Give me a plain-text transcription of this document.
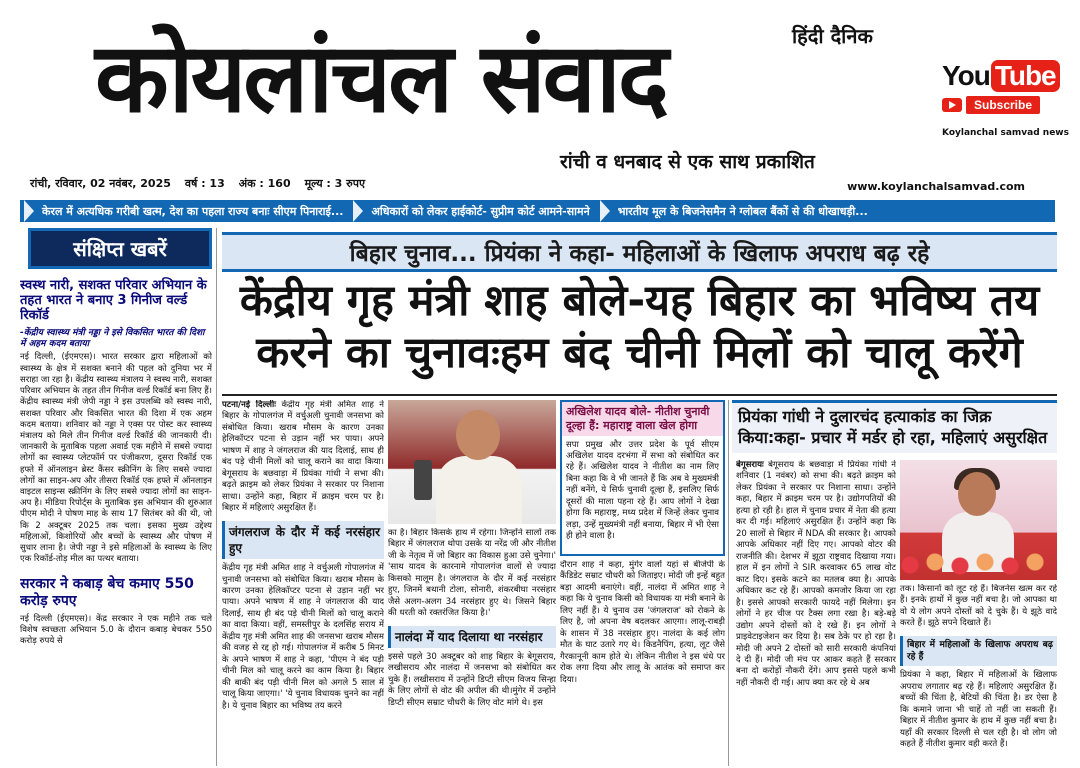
हिंदी दैनिक
कोयलांचल संवाद
रांची व धनबाद से एक साथ प्रकाशित
You Tube
Subscribe
Koylanchal samvad news
रांची, रविवार, 02 नवंबर, 2025 वर्ष : 13 अंक : 160 मूल्य : 3 रुपए	www.koylanchalsamvad.com
केरल में अत्यधिक गरीबी खत्म, देश का पहला राज्य बनाः सीएम पिनाराई...	अधिकारों को लेकर हाईकोर्ट- सुप्रीम कोर्ट आमने-सामने	भारतीय मूल के बिजनेसमैन ने ग्लोबल बैंकों से की धोखाधड़ी...
संक्षिप्त खबरें
स्वस्थ नारी, सशक्त परिवार अभियान के तहत भारत ने बनाए 3 गिनीज वर्ल्ड रिकॉर्ड
-केंद्रीय स्वास्थ्य मंत्री नड्डा ने इसे विकसित भारत की दिशा में अहम कदम बताया
नई दिल्ली, (ईएमएस)। भारत सरकार द्वारा महिलाओं को स्वास्थ्य के क्षेत्र में सशक्त बनाने की पहल को दुनिया भर में सराहा जा रहा है। केंद्रीय स्वास्थ्य मंत्रालय ने स्वस्थ नारी, सशक्त परिवार अभियान के तहत तीन गिनीज वर्ल्ड रिकॉर्ड बना लिए हैं। केंद्रीय स्वास्थ्य मंत्री जेपी नड्डा ने इस उपलब्धि को स्वस्थ नारी, सशक्त परिवार और विकसित भारत की दिशा में एक अहम कदम बताया। शनिवार को नड्डा ने एक्स पर पोस्ट कर स्वास्थ्य मंत्रालय को मिले तीन गिनीज वर्ल्ड रिकॉर्ड की जानकारी दी। जानकारी के मुताबिक पहला अवार्ड एक महीने में सबसे ज्यादा लोगों का स्वास्थ्य प्लेटफॉर्म पर पंजीकरण, दूसरा रिकॉर्ड एक हफ्ते में ऑनलाइन ब्रेस्ट कैंसर स्क्रीनिंग के लिए सबसे ज्यादा लोगों का साइन-अप और तीसरा रिकॉर्ड एक हफ्ते में ऑनलाइन वाइटल साइन्स स्क्रीनिंग के लिए सबसे ज्यादा लोगों का साइन-अप है। मीडिया रिपोर्ट्स के मुताबिक इस अभियान की शुरुआत पीएम मोदी ने पोषण माह के साथ 17 सितंबर को की थी, जो कि 2 अक्टूबर 2025 तक चला। इसका मुख्य उद्देश्य महिलाओं, किशोरियों और बच्चों के स्वास्थ्य और पोषण में सुधार लाना है। जेपी नड्डा ने इसे महिलाओं के स्वास्थ्य के लिए एक रिकॉर्ड-तोड़ मील का पत्थर बताया।
सरकार ने कबाड़ बेच कमाए 550 करोड़ रुपए
नई दिल्ली (ईएमएस)। केंद्र सरकार ने एक महीने तक चले विशेष स्वच्छता अभियान 5.0 के दौरान कबाड़ बेचकर 550 करोड़ रुपये से
बिहार चुनाव... प्रियंका ने कहा- महिलाओं के खिलाफ अपराध बढ़ रहे
केंद्रीय गृह मंत्री शाह बोले-यह बिहार का भविष्य तय करने का चुनावःहम बंद चीनी मिलों को चालू करेंगे
पटना/नई दिल्लीः केंद्रीय गृह मंत्री अमित शाह ने बिहार के गोपालगंज में वर्चुअली चुनावी जनसभा को संबोधित किया। खराब मौसम के कारण उनका हेलिकॉप्टर पटना से उड़ान नहीं भर पाया। अपने भाषण में शाह ने जंगलराज की याद दिलाई, साथ ही बंद पड़े चीनी मिलों को चालू कराने का वादा किया। बेगूसराय के बछवाड़ा में प्रियंका गांधी ने सभा की। बढ़ते क्राइम को लेकर प्रियंका ने सरकार पर निशाना साधा। उन्होंने कहा, बिहार में क्राइम चरम पर है।बिहार में महिलाएं असुरक्षित हैं।
जंगलराज के दौर में कई नरसंहार हुए
केंद्रीय गृह मंत्री अमित शाह ने वर्चुअली गोपालगंज में चुनावी जनसभा को संबोधित किया। खराब मौसम के कारण उनका हेलिकॉप्टर पटना से उड़ान नहीं भर पाया। अपने भाषण में शाह ने जंगलराज की याद दिलाई, साथ ही बंद पड़े चीनी मिलों को चालू कराने का वादा किया। वहीं, समस्तीपुर के दलसिंह सराय में केंद्रीय गृह मंत्री अमित शाह की जनसभा खराब मौसम की वजह से रद्द हो गई। गोपालगंज में करीब 5 मिनट के अपने भाषण में शाह ने कहा, 'पीएम ने बंद पड़ी चीनी मिल को चालू करने का काम किया है। बिहार की बाकी बंद पड़ी चीनी मिल को अगले 5 साल में चालू किया जाएगा।' 'ये चुनाव विधायक चुनने का नहीं है। ये चुनाव बिहार का भविष्य तय करने
का है। बिहार किसके हाथ में रहेगा। जिन्होंने सालों तक बिहार में जंगलराज थोपा उसके या नरेंद्र जी और नीतीश जी के नेतृत्व में जो बिहार का विकास हुआ उसे चुनेगा।' 'साथ यादव के कारनामे गोपालगंज वालों से ज्यादा किसको मालूम है। जंगलराज के दौर में कई नरसंहार हुए, जिनमें बथानी टोला, सोनारी, शंकरबीघा नरसंहार जैसे अलग-अलग 34 नरसंहार हुए थे। जिसने बिहार की धरती को रक्तरंजित किया है।'
नालंदा में याद दिलाया था नरसंहार
इससे पहले 30 अक्टूबर को शाह बिहार के बेगूसराय, लखीसराय और नालंदा में जनसभा को संबोधित कर चुके हैं। लखीसराय में उन्होंने डिप्टी सीएम विजय सिन्हा के लिए लोगों से वोट की अपील की थी।मुंगेर में उन्होंने डिप्टी सीएम सम्राट चौधरी के लिए वोट मांगे थे। इस
अखिलेश यादव बोले- नीतीश चुनावी दूल्हा हैं: महाराष्ट्र वाला खेल होगा
सपा प्रमुख और उत्तर प्रदेश के पूर्व सीएम अखिलेश यादव दरभंगा में सभा को संबोधित कर रहे हैं। अखिलेश यादव ने नीतीश का नाम लिए बिना कहा कि वे भी जानते हैं कि अब वे मुख्यमंत्री नहीं बनेंगे, ये सिर्फ चुनावी दूल्हा हैं, इसलिए सिर्फ दूसरों की माला पहना रहे हैं। आप लोगों ने देखा होगा कि महाराष्ट्र, मध्य प्रदेश में जिन्हें लेकर चुनाव लड़ा, उन्हें मुख्यमंत्री नहीं बनाया, बिहार में भी ऐसा ही होने वाला है।
दौरान शाह ने कहा, मुंगेर वालों यहां से बीजेपी के कैंडिडेट सम्राट चौधरी को जिताइए। मोदी जी इन्हें बहुत बड़ा आदमी बनाएंगे। वहीं, नालंदा में अमित शाह ने कहा कि ये चुनाव किसी को विधायक या मंत्री बनाने के लिए नहीं हैं। ये चुनाव उस 'जंगलराज' को रोकने के लिए है, जो अपना वेष बदलकर आएगा। लालू-राबड़ी के शासन में 38 नरसंहार हुए। नालंदा के कई लोग मौत के घाट उतारे गए थे। किडनैपिंग, हत्या, लूट जैसे गैरकानूनी काम होते थे। लेकिन नीतीश ने इस धंधे पर रोक लगा दिया और लालू के आतंक को समाप्त कर दिया।
प्रियंका गांधी ने दुलारचंद हत्याकांड का जिक्र किया:कहा- प्रचार में मर्डर हो रहा, महिलाएं असुरक्षित
बेगूसरायः बेगूसराय के बछवाड़ा में प्रियंका गांधी ने शनिवार (1 नवंबर) को सभा की। बढ़ते क्राइम को लेकर प्रियंका ने सरकार पर निशाना साधा। उन्होंने कहा, बिहार में क्राइम चरम पर है। उद्योगपतियों की हत्या हो रही है। हाल में चुनाव प्रचार में नेता की हत्या कर दी गई। महिलाएं असुरक्षित हैं। उन्होंने कहा कि 20 सालों से बिहार में NDA की सरकार है। आपको आपके अधिकार नहीं दिए गए। आपको वोटर की राजनीति की। देशभर में झूठा राष्ट्रवाद दिखाया गया। हाल में इन लोगों ने SIR करवाकर 65 लाख वोट काट दिए। इसके कटने का मतलब क्या है। आपके अधिकार कट रहे हैं। आपको कमजोर किया जा रहा है। इससे आपको सरकारी फायदे नहीं मिलेगा। इन लोगों ने हर चीज पर टैक्स लगा रखा है। बड़े-बड़े उद्योग अपने दोस्तों को दे रखे हैं। इन लोगों ने प्राइवेटाइजेशन कर दिया है। सब ठेके पर हो रहा है। मोदी जी अपने 2 दोस्तों को सारी सरकारी कंपनियां दे दी हैं। मोदी जी मंच पर आकर कहते हैं सरकार बना दो करोड़ों नौकरी देंगे। आप इससे पहले कभी नहीं नौकरी दी गई। आप क्या कर रहे थे अब
तक। किसानों को लूट रहे हैं। बिजनेस खत्म कर रहे हैं। इनके हाथों में कुछ नहीं बचा है। जो आपका था वो ये लोग अपने दोस्तों को दे चुके हैं। ये झूठे वादे करते हैं। झूठे सपने दिखाते हैं।
बिहार में महिलाओं के खिलाफ अपराध बढ़ रहे हैं
प्रियंका ने कहा, बिहार में महिलाओं के खिलाफ अपराध लगातार बढ़ रहे हैं। महिलाएं असुरक्षित हैं। बच्चों की चिंता है, बेटियों की चिंता है। डर ऐसा है कि कमाने जाना भी चाहें तो नहीं जा सकती हैं। बिहार में नीतीश कुमार के हाथ में कुछ नहीं बचा है। यहाँ की सरकार दिल्ली से चल रही है। वो लोग जो कहते हैं नीतीश कुमार वही करते हैं।
